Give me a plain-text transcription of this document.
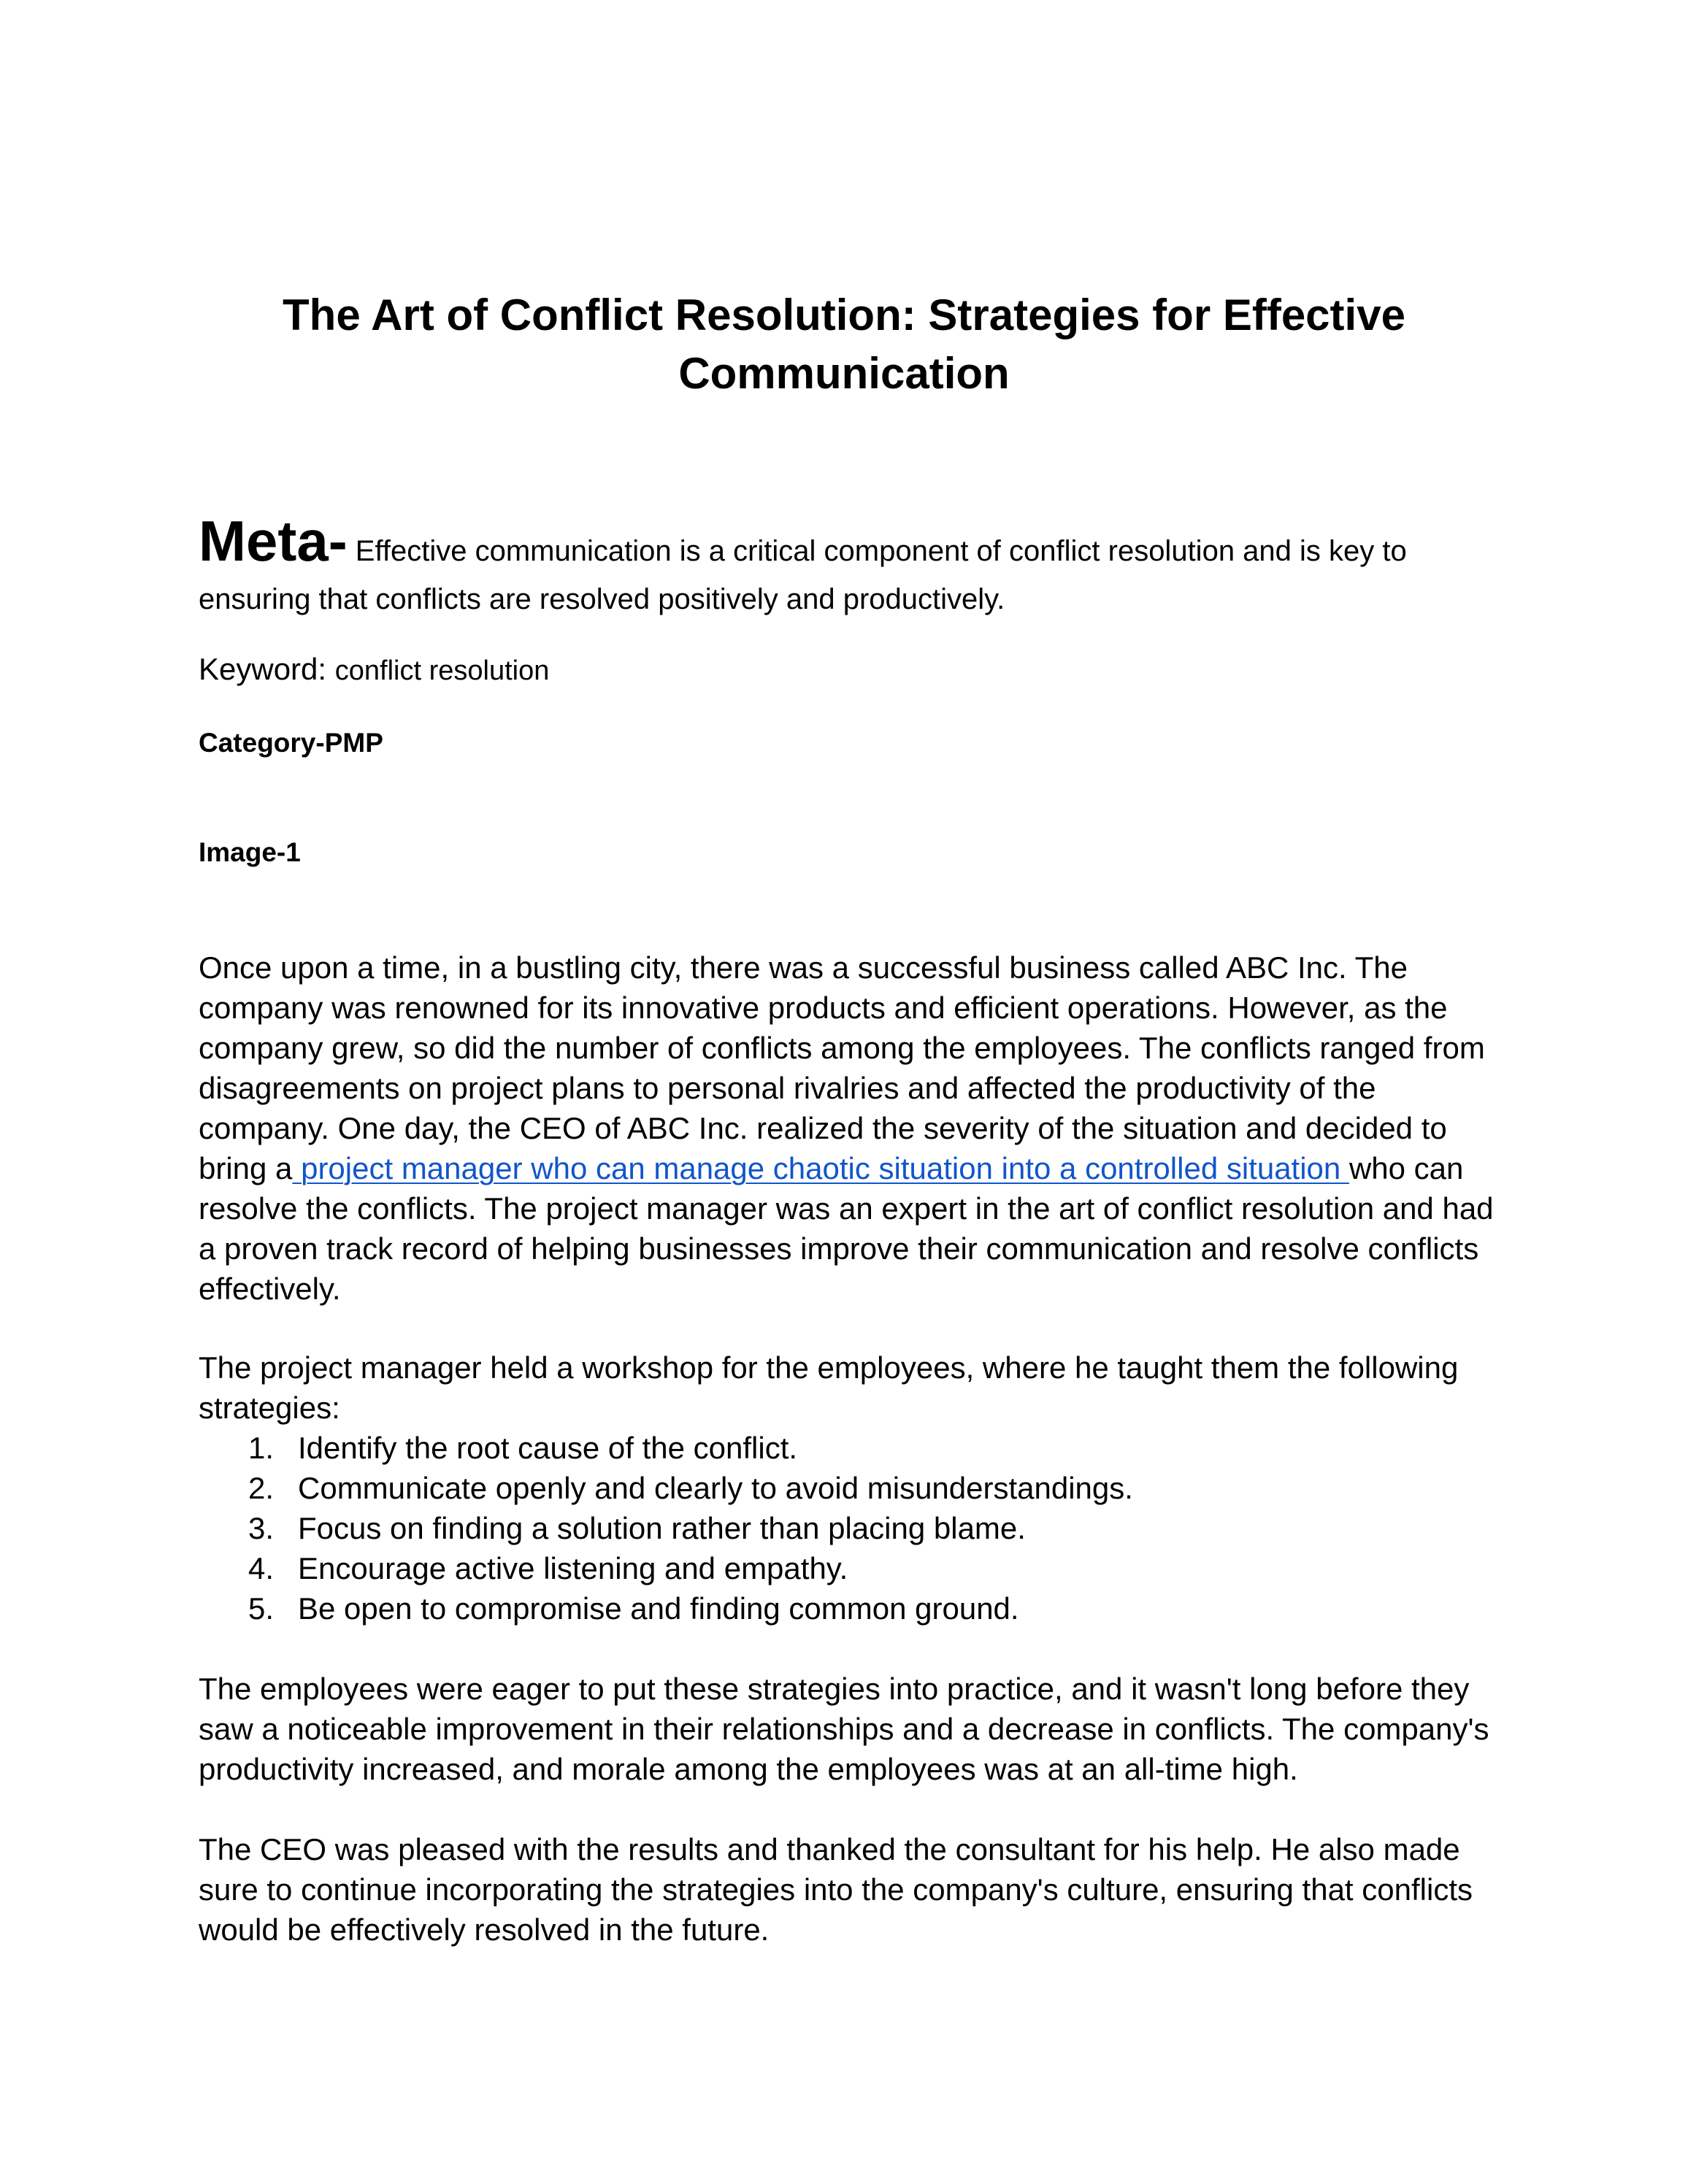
The Art of Conflict Resolution: Strategies for Effective Communication

Meta- Effective communication is a critical component of conflict resolution and is key to ensuring that conflicts are resolved positively and productively.

Keyword: conflict resolution

Category-PMP

Image-1

Once upon a time, in a bustling city, there was a successful business called ABC Inc. The company was renowned for its innovative products and efficient operations. However, as the company grew, so did the number of conflicts among the employees. The conflicts ranged from disagreements on project plans to personal rivalries and affected the productivity of the company. One day, the CEO of ABC Inc. realized the severity of the situation and decided to bring a project manager who can manage chaotic situation into a controlled situation who can resolve the conflicts. The project manager was an expert in the art of conflict resolution and had a proven track record of helping businesses improve their communication and resolve conflicts effectively.

The project manager held a workshop for the employees, where he taught them the following strategies:

1. Identify the root cause of the conflict.
2. Communicate openly and clearly to avoid misunderstandings.
3. Focus on finding a solution rather than placing blame.
4. Encourage active listening and empathy.
5. Be open to compromise and finding common ground.

The employees were eager to put these strategies into practice, and it wasn't long before they saw a noticeable improvement in their relationships and a decrease in conflicts. The company's productivity increased, and morale among the employees was at an all-time high.

The CEO was pleased with the results and thanked the consultant for his help. He also made sure to continue incorporating the strategies into the company's culture, ensuring that conflicts would be effectively resolved in the future.
